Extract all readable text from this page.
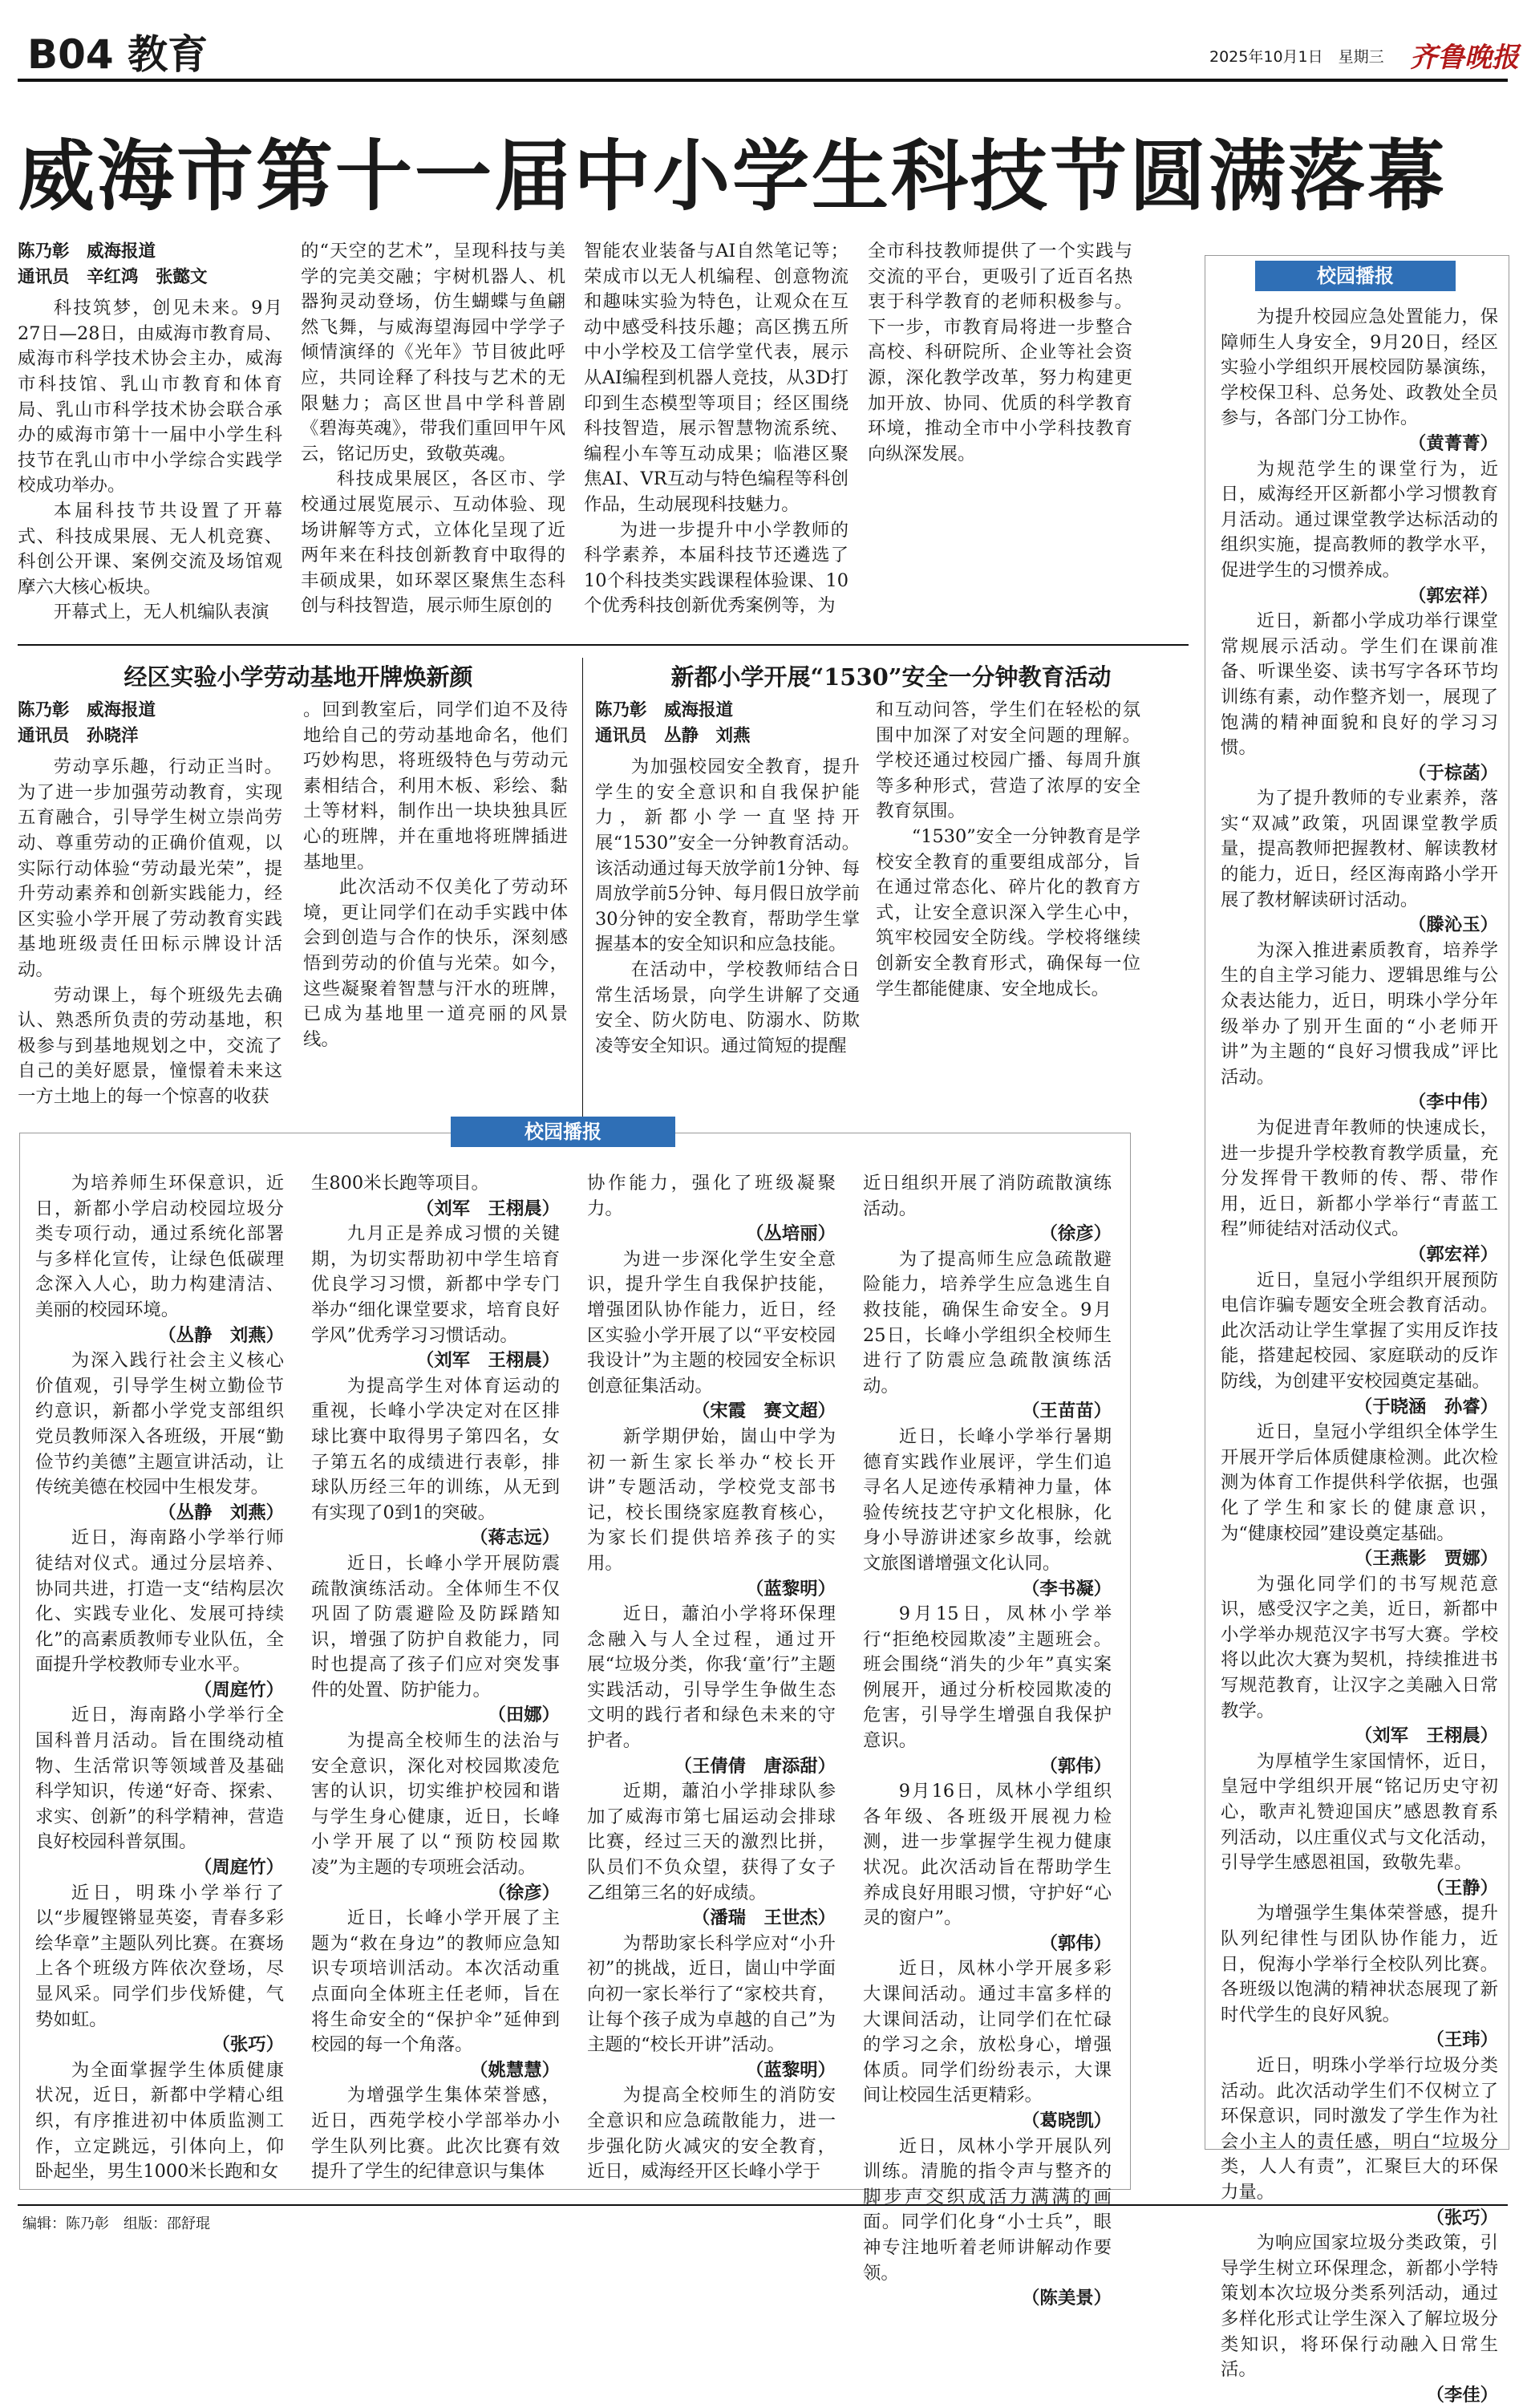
B04 教育	2025年10月1日　星期三 齐鲁晚报
威海市第十一届中小学生科技节圆满落幕
经区实验小学劳动基地开牌焕新颜	新都小学开展“1530”安全一分钟教育活动
校园播报
校园播报
编辑：陈乃彰　组版：邵舒琨

陈乃彰　威海报道

通讯员　辛红鸿　张懿文

科技筑梦，创见未来。9月27日—28日，由威海市教育局、威海市科学技术协会主办，威海市科技馆、乳山市教育和体育局、乳山市科学技术协会联合承办的威海市第十一届中小学生科技节在乳山市中小学综合实践学校成功举办。

本届科技节共设置了开幕式、科技成果展、无人机竞赛、科创公开课、案例交流及场馆观摩六大核心板块。

开幕式上，无人机编队表演

的“天空的艺术”，呈现科技与美学的完美交融；宇树机器人、机器狗灵动登场，仿生蝴蝶与鱼翩然飞舞，与威海望海园中学学子倾情演绎的《光年》节目彼此呼应，共同诠释了科技与艺术的无限魅力；高区世昌中学科普剧《碧海英魂》，带我们重回甲午风云，铭记历史，致敬英魂。

科技成果展区，各区市、学校通过展览展示、互动体验、现场讲解等方式，立体化呈现了近两年来在科技创新教育中取得的丰硕成果，如环翠区聚焦生态科创与科技智造，展示师生原创的

智能农业装备与AI自然笔记等；荣成市以无人机编程、创意物流和趣味实验为特色，让观众在互动中感受科技乐趣；高区携五所中小学校及工信学堂代表，展示从AI编程到机器人竞技，从3D打印到生态模型等项目；经区围绕科技智造，展示智慧物流系统、编程小车等互动成果；临港区聚焦AI、VR互动与特色编程等科创作品，生动展现科技魅力。

为进一步提升中小学教师的科学素养，本届科技节还遴选了10个科技类实践课程体验课、10个优秀科技创新优秀案例等，为

全市科技教师提供了一个实践与交流的平台，更吸引了近百名热衷于科学教育的老师积极参与。下一步，市教育局将进一步整合高校、科研院所、企业等社会资源，深化教学改革，努力构建更加开放、协同、优质的科学教育环境，推动全市中小学科技教育向纵深发展。

陈乃彰　威海报道

通讯员　孙晓洋

劳动享乐趣，行动正当时。为了进一步加强劳动教育，实现五育融合，引导学生树立崇尚劳动、尊重劳动的正确价值观，以实际行动体验“劳动最光荣”，提升劳动素养和创新实践能力，经区实验小学开展了劳动教育实践基地班级责任田标示牌设计活动。

劳动课上，每个班级先去确认、熟悉所负责的劳动基地，积极参与到基地规划之中，交流了自己的美好愿景，憧憬着未来这一方土地上的每一个惊喜的收获

。回到教室后，同学们迫不及待地给自己的劳动基地命名，他们巧妙构思，将班级特色与劳动元素相结合，利用木板、彩绘、黏土等材料，制作出一块块独具匠心的班牌，并在重地将班牌插进基地里。

此次活动不仅美化了劳动环境，更让同学们在动手实践中体会到创造与合作的快乐，深刻感悟到劳动的价值与光荣。如今，这些凝聚着智慧与汗水的班牌，已成为基地里一道亮丽的风景线。

陈乃彰　威海报道

通讯员　丛静　刘燕

为加强校园安全教育，提升学生的安全意识和自我保护能力，新都小学一直坚持开展“1530”安全一分钟教育活动。该活动通过每天放学前1分钟、每周放学前5分钟、每月假日放学前30分钟的安全教育，帮助学生掌握基本的安全知识和应急技能。

在活动中，学校教师结合日常生活场景，向学生讲解了交通安全、防火防电、防溺水、防欺凌等安全知识。通过简短的提醒

和互动问答，学生们在轻松的氛围中加深了对安全问题的理解。学校还通过校园广播、每周升旗等多种形式，营造了浓厚的安全教育氛围。

“1530”安全一分钟教育是学校安全教育的重要组成部分，旨在通过常态化、碎片化的教育方式，让安全意识深入学生心中，筑牢校园安全防线。学校将继续创新安全教育形式，确保每一位学生都能健康、安全地成长。

为提升校园应急处置能力，保障师生人身安全，9月20日，经区实验小学组织开展校园防暴演练，学校保卫科、总务处、政教处全员参与，各部门分工协作。

（黄菁菁）

为规范学生的课堂行为，近日，威海经开区新都小学习惯教育月活动。通过课堂教学达标活动的组织实施，提高教师的教学水平，促进学生的习惯养成。

（郭宏祥）

近日，新都小学成功举行课堂常规展示活动。学生们在课前准备、听课坐姿、读书写字各环节均训练有素，动作整齐划一，展现了饱满的精神面貌和良好的学习习惯。

（于棕菡）

为了提升教师的专业素养，落实“双减”政策，巩固课堂教学质量，提高教师把握教材、解读教材的能力，近日，经区海南路小学开展了教材解读研讨活动。

（滕沁玉）

为深入推进素质教育，培养学生的自主学习能力、逻辑思维与公众表达能力，近日，明珠小学分年级举办了别开生面的“小老师开讲”为主题的“良好习惯我成”评比活动。

（李中伟）

为促进青年教师的快速成长，进一步提升学校教育教学质量，充分发挥骨干教师的传、帮、带作用，近日，新都小学举行“青蓝工程”师徒结对活动仪式。

（郭宏祥）

近日，皇冠小学组织开展预防电信诈骗专题安全班会教育活动。此次活动让学生掌握了实用反诈技能，搭建起校园、家庭联动的反诈防线，为创建平安校园奠定基础。

（于晓涵　孙睿）

近日，皇冠小学组织全体学生开展开学后体质健康检测。此次检测为体育工作提供科学依据，也强化了学生和家长的健康意识，为“健康校园”建设奠定基础。

（王燕影　贾娜）

为强化同学们的书写规范意识，感受汉字之美，近日，新都中小学举办规范汉字书写大赛。学校将以此次大赛为契机，持续推进书写规范教育，让汉字之美融入日常教学。

（刘军　王栩晨）

为厚植学生家国情怀，近日，皇冠中学组织开展“铭记历史守初心，歌声礼赞迎国庆”感恩教育系列活动，以庄重仪式与文化活动，引导学生感恩祖国，致敬先辈。

（王静）

为增强学生集体荣誉感，提升队列纪律性与团队协作能力，近日，倪海小学举行全校队列比赛。各班级以饱满的精神状态展现了新时代学生的良好风貌。

（王玮）

近日，明珠小学举行垃圾分类活动。此次活动学生们不仅树立了环保意识，同时激发了学生作为社会小主人的责任感，明白“垃圾分类，人人有责”，汇聚巨大的环保力量。

（张巧）

为响应国家垃圾分类政策，引导学生树立环保理念，新都小学特策划本次垃圾分类系列活动，通过多样化形式让学生深入了解垃圾分类知识，将环保行动融入日常生活。

（李佳）

为培养师生环保意识，近日，新都小学启动校园垃圾分类专项行动，通过系统化部署与多样化宣传，让绿色低碳理念深入人心，助力构建清洁、美丽的校园环境。

（丛静　刘燕）

为深入践行社会主义核心价值观，引导学生树立勤俭节约意识，新都小学党支部组织党员教师深入各班级，开展“勤俭节约美德”主题宣讲活动，让传统美德在校园中生根发芽。

（丛静　刘燕）

近日，海南路小学举行师徒结对仪式。通过分层培养、协同共进，打造一支“结构层次化、实践专业化、发展可持续化”的高素质教师专业队伍，全面提升学校教师专业水平。

（周庭竹）

近日，海南路小学举行全国科普月活动。旨在围绕动植物、生活常识等领域普及基础科学知识，传递“好奇、探索、求实、创新”的科学精神，营造良好校园科普氛围。

（周庭竹）

近日，明珠小学举行了以“步履铿锵显英姿，青春多彩绘华章”主题队列比赛。在赛场上各个班级方阵依次登场，尽显风采。同学们步伐矫健，气势如虹。

（张巧）

为全面掌握学生体质健康状况，近日，新都中学精心组织，有序推进初中体质监测工作，立定跳远，引体向上，仰卧起坐，男生1000米长跑和女

生800米长跑等项目。

（刘军　王栩晨）

九月正是养成习惯的关键期，为切实帮助初中学生培育优良学习习惯，新都中学专门举办“细化课堂要求，培育良好学风”优秀学习习惯话动。

（刘军　王栩晨）

为提高学生对体育运动的重视，长峰小学决定对在区排球比赛中取得男子第四名，女子第五名的成绩进行表彰，排球队历经三年的训练，从无到有实现了0到1的突破。

（蒋志远）

近日，长峰小学开展防震疏散演练活动。全体师生不仅巩固了防震避险及防踩踏知识，增强了防护自救能力，同时也提高了孩子们应对突发事件的处置、防护能力。

（田娜）

为提高全校师生的法治与安全意识，深化对校园欺凌危害的认识，切实维护校园和谐与学生身心健康，近日，长峰小学开展了以“预防校园欺凌”为主题的专项班会活动。

（徐彦）

近日，长峰小学开展了主题为“救在身边”的教师应急知识专项培训活动。本次活动重点面向全体班主任老师，旨在将生命安全的“保护伞”延伸到校园的每一个角落。

（姚慧慧）

为增强学生集体荣誉感，近日，西苑学校小学部举办小学生队列比赛。此次比赛有效提升了学生的纪律意识与集体

协作能力，强化了班级凝聚力。

（丛培丽）

为进一步深化学生安全意识，提升学生自我保护技能，增强团队协作能力，近日，经区实验小学开展了以“平安校园我设计”为主题的校园安全标识创意征集活动。

（宋霞　赛文超）

新学期伊始，崮山中学为初一新生家长举办“校长开讲”专题活动，学校党支部书记，校长围绕家庭教育核心，为家长们提供培养孩子的实用。

（蓝黎明）

近日，蕭泊小学将环保理念融入与人全过程，通过开展“垃圾分类，你我‘童’行”主题实践活动，引导学生争做生态文明的践行者和绿色未来的守护者。

（王倩倩　唐添甜）

近期，蕭泊小学排球队参加了威海市第七届运动会排球比赛，经过三天的激烈比拼，队员们不负众望，获得了女子乙组第三名的好成绩。

（潘瑞　王世杰）

为帮助家长科学应对“小升初”的挑战，近日，崮山中学面向初一家长举行了“家校共育，让每个孩子成为卓越的自己”为主题的“校长开讲”活动。

（蓝黎明）

为提高全校师生的消防安全意识和应急疏散能力，进一步强化防火减灾的安全教育，近日，威海经开区长峰小学于

近日组织开展了消防疏散演练活动。

（徐彦）

为了提高师生应急疏散避险能力，培养学生应急逃生自救技能，确保生命安全。9月25日，长峰小学组织全校师生进行了防震应急疏散演练活动。

（王苗苗）

近日，长峰小学举行暑期德育实践作业展评，学生们追寻名人足迹传承精神力量，体验传统技艺守护文化根脉，化身小导游讲述家乡故事，绘就文旅图谱增强文化认同。

（李书凝）

9月15日，凤林小学举行“拒绝校园欺凌”主题班会。班会围绕“消失的少年”真实案例展开，通过分析校园欺凌的危害，引导学生增强自我保护意识。

（郭伟）

9月16日，凤林小学组织各年级、各班级开展视力检测，进一步掌握学生视力健康状况。此次活动旨在帮助学生养成良好用眼习惯，守护好“心灵的窗户”。

（郭伟）

近日，凤林小学开展多彩大课间活动。通过丰富多样的大课间活动，让同学们在忙碌的学习之余，放松身心，增强体质。同学们纷纷表示，大课间让校园生活更精彩。

（葛晓凯）

近日，凤林小学开展队列训练。清脆的指令声与整齐的脚步声交织成活力满满的画面。同学们化身“小士兵”，眼神专注地听着老师讲解动作要领。

（陈美景）
